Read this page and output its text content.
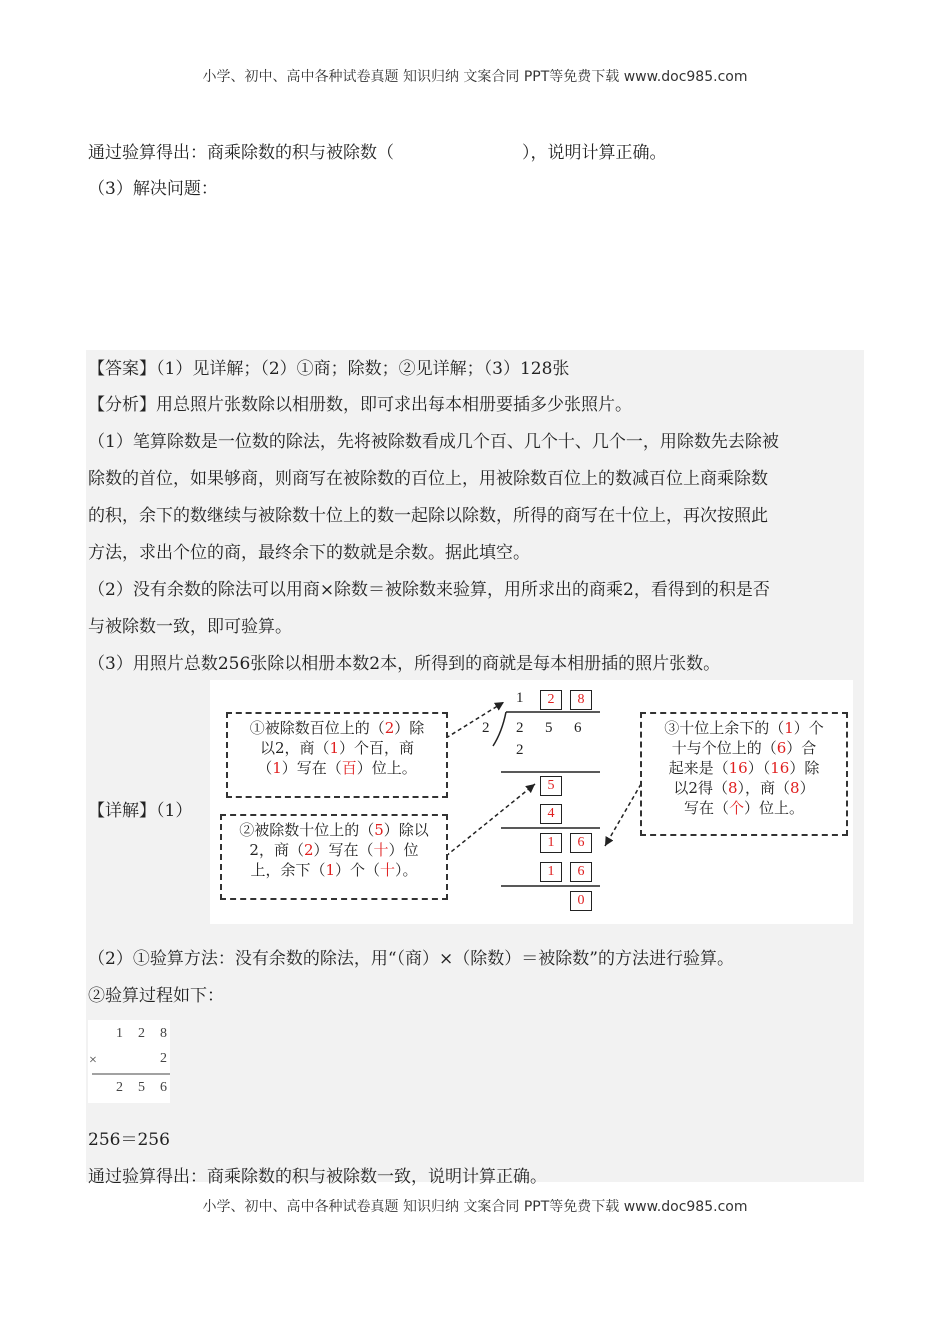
小学、初中、高中各种试卷真题 知识归纳 文案合同 PPT等免费下载 www.doc985.com
通过验算得出：商乘除数的积与被除数（	），说明计算正确。
（3）解决问题：
【答案】（1）见详解；（2）①商；除数；②见详解；（3）128张
【分析】用总照片张数除以相册数，即可求出每本相册要插多少张照片。
（1）笔算除数是一位数的除法，先将被除数看成几个百、几个十、几个一，用除数先去除被
除数的首位，如果够商，则商写在被除数的百位上，用被除数百位上的数减百位上商乘除数
的积，余下的数继续与被除数十位上的数一起除以除数，所得的商写在十位上，再次按照此
方法，求出个位的商，最终余下的数就是余数。据此填空。
（2）没有余数的除法可以用商×除数＝被除数来验算，用所求出的商乘2，看得到的积是否
与被除数一致，即可验算。
（3）用照片总数256张除以相册本数2本，所得到的商就是每本相册插的照片张数。
【详解】（1）
①被除数百位上的（2）除
以2，商（1）个百，商
（1）写在（百）位上。
②被除数十位上的（5）除以
2，商（2）写在（十）位
上，余下（1）个（十）。
③十位上余下的（1）个
十与个位上的（6）合
起来是（16）（16）除
以2得（8），商（8）
写在（个）位上。
1	2	8
2 2 5 6
2
5
4
1	6
1	6
0
（2）①验算方法：没有余数的除法，用“（商）×（除数）＝被除数”的方法进行验算。
②验算过程如下：
1 2 8
×	2
2 5 6
256＝256
通过验算得出：商乘除数的积与被除数一致，说明计算正确。
小学、初中、高中各种试卷真题 知识归纳 文案合同 PPT等免费下载 www.doc985.com
